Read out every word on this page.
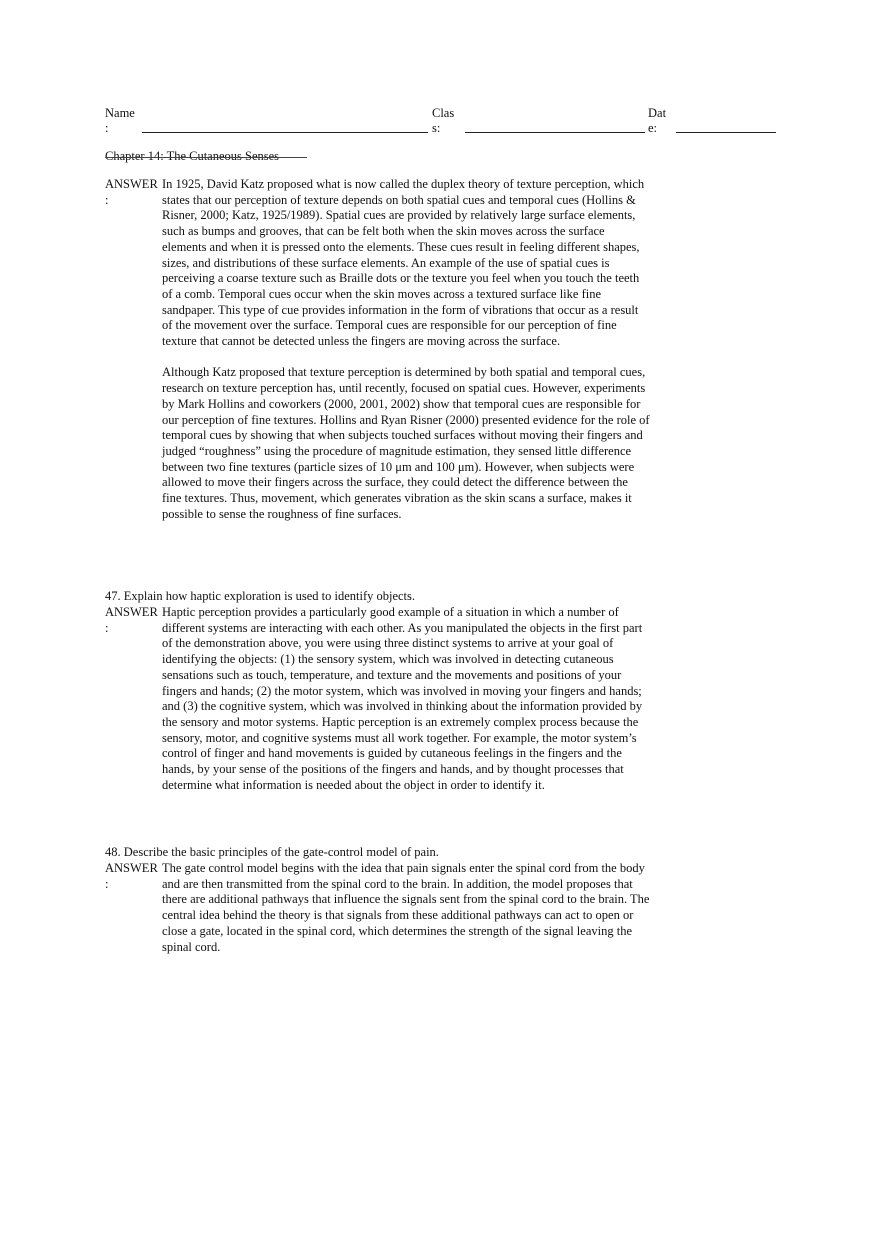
Name
:
Clas
s:
Dat
e:
Chapter 14: The Cutaneous Senses
ANSWER
:

In 1925, David Katz proposed what is now called the duplex theory of texture perception, which states that our perception of texture depends on both spatial cues and temporal cues (Hollins & Risner, 2000; Katz, 1925/1989). Spatial cues are provided by relatively large surface elements, such as bumps and grooves, that can be felt both when the skin moves across the surface elements and when it is pressed onto the elements. These cues result in feeling different shapes, sizes, and distributions of these surface elements. An example of the use of spatial cues is perceiving a coarse texture such as Braille dots or the texture you feel when you touch the teeth of a comb. Temporal cues occur when the skin moves across a textured surface like fine sandpaper. This type of cue provides information in the form of vibrations that occur as a result of the movement over the surface. Temporal cues are responsible for our perception of fine texture that cannot be detected unless the fingers are moving across the surface.

Although Katz proposed that texture perception is determined by both spatial and temporal cues, research on texture perception has, until recently, focused on spatial cues. However, experiments by Mark Hollins and coworkers (2000, 2001, 2002) show that temporal cues are responsible for our perception of fine textures. Hollins and Ryan Risner (2000) presented evidence for the role of temporal cues by showing that when subjects touched surfaces without moving their fingers and judged “roughness” using the procedure of magnitude estimation, they sensed little difference between two fine textures (particle sizes of 10 μm and 100 μm). However, when subjects were allowed to move their fingers across the surface, they could detect the difference between the fine textures. Thus, movement, which generates vibration as the skin scans a surface, makes it possible to sense the roughness of fine surfaces.

47. Explain how haptic exploration is used to identify objects.
ANSWER
:

Haptic perception provides a particularly good example of a situation in which a number of different systems are interacting with each other. As you manipulated the objects in the first part of the demonstration above, you were using three distinct systems to arrive at your goal of identifying the objects: (1) the sensory system, which was involved in detecting cutaneous sensations such as touch, temperature, and texture and the movements and positions of your fingers and hands; (2) the motor system, which was involved in moving your fingers and hands; and (3) the cognitive system, which was involved in thinking about the information provided by the sensory and motor systems. Haptic perception is an extremely complex process because the sensory, motor, and cognitive systems must all work together. For example, the motor system’s control of finger and hand movements is guided by cutaneous feelings in the fingers and the hands, by your sense of the positions of the fingers and hands, and by thought processes that determine what information is needed about the object in order to identify it.

48. Describe the basic principles of the gate-control model of pain.
ANSWER
:

The gate control model begins with the idea that pain signals enter the spinal cord from the body and are then transmitted from the spinal cord to the brain. In addition, the model proposes that there are additional pathways that influence the signals sent from the spinal cord to the brain. The central idea behind the theory is that signals from these additional pathways can act to open or close a gate, located in the spinal cord, which determines the strength of the signal leaving the spinal cord.
